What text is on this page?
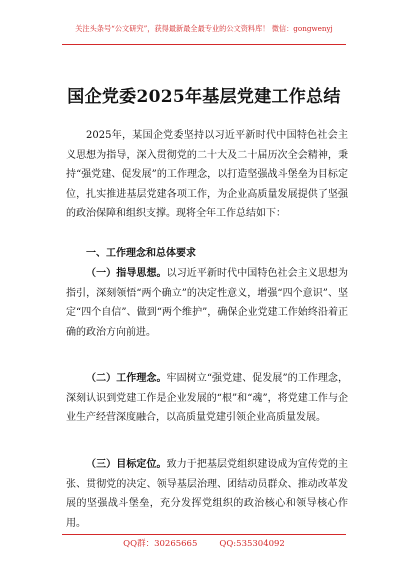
关注头条号“公文研究”，获得最新最全最专业的公文资料库！ 微信：gongwenyj
国企党委2025年基层党建工作总结
2025年，某国企党委坚持以习近平新时代中国特色社会主义思想为指导，深入贯彻党的二十大及二十届历次全会精神，秉持“强党建、促发展”的工作理念，以打造坚强战斗堡垒为目标定位，扎实推进基层党建各项工作，为企业高质量发展提供了坚强的政治保障和组织支撑。现将全年工作总结如下：
一、工作理念和总体要求
（一）指导思想。以习近平新时代中国特色社会主义思想为指引，深刻领悟“两个确立”的决定性意义，增强“四个意识”、坚定“四个自信”、做到“两个维护”，确保企业党建工作始终沿着正确的政治方向前进。
（二）工作理念。牢固树立“强党建、促发展”的工作理念，深刻认识到党建工作是企业发展的“根”和“魂”，将党建工作与企业生产经营深度融合，以高质量党建引领企业高质量发展。
（三）目标定位。致力于把基层党组织建设成为宣传党的主张、贯彻党的决定、领导基层治理、团结动员群众、推动改革发展的坚强战斗堡垒，充分发挥党组织的政治核心和领导核心作用。
QQ群：30265665	QQ:535304092
